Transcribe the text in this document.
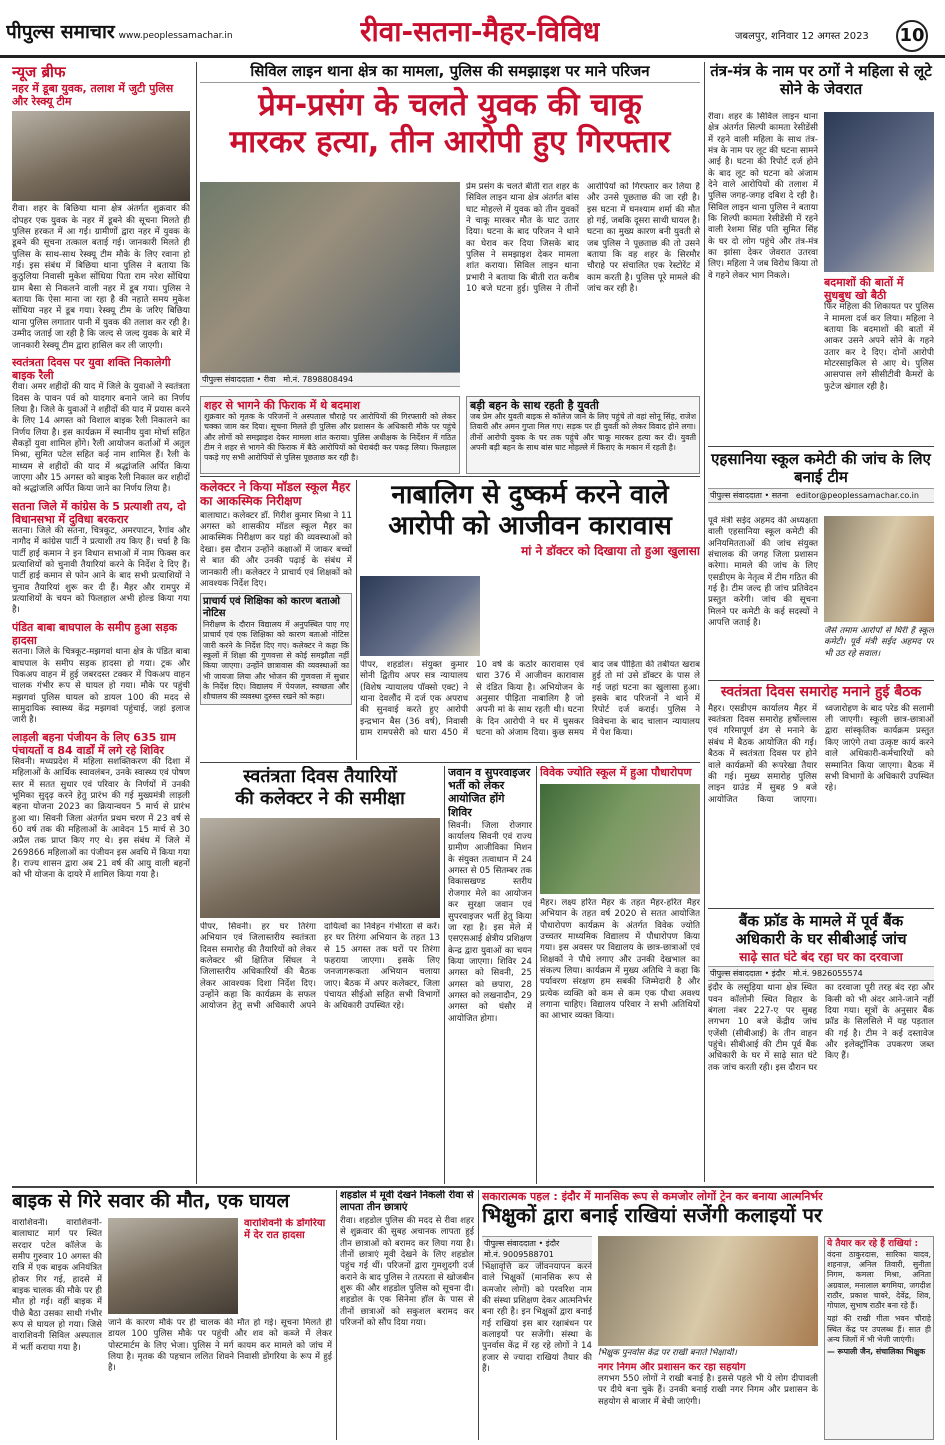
पीपुल्स समाचार www.peoplessamachar.in	रीवा-सतना-मैहर-विविध	जबलपुर, शनिवार 12 अगस्त 2023 10
न्यूज ब्रीफ
नहर में डूबा युवक, तलाश में जुटी पुलिस और रेस्क्यू टीम
रीवा। शहर के बिछिया थाना क्षेत्र अंतर्गत शुक्रवार की दोपहर एक युवक के नहर में डूबने की सूचना मिलते ही पुलिस हरकत में आ गई। ग्रामीणों द्वारा नहर में युवक के डूबने की सूचना तत्काल बताई गई। जानकारी मिलते ही पुलिस के साथ-साथ रेस्क्यू टीम मौके के लिए रवाना हो गई। इस संबंध में बिछिया थाना पुलिस ने बताया कि कुठुलिया निवासी मुकेश सोंधिया पिता राम नरेश सोंधिया ग्राम बैसा से निकलने वाली नहर में डूब गया। पुलिस ने बताया कि ऐसा माना जा रहा है की नहाते समय मुकेश सोंधिया नहर में डूब गया। रेस्क्यू टीम के जरिए बिछिया थाना पुलिस लगातार पानी में युवक की तलाश कर रही है। उम्मीद जताई जा रही है कि जल्द से जल्द युवक के बारे में जानकारी रेस्क्यू टीम द्वारा हासिल कर ली जाएगी।
स्वतंत्रता दिवस पर युवा शक्ति निकालेगी बाइक रैली
रीवा। अमर शहीदों की याद में जिले के युवाओं ने स्वतंत्रता दिवस के पावन पर्व को यादगार बनाने जाने का निर्णय लिया है। जिले के युवाओं ने शहीदों की याद में प्रयास करने के लिए 14 अगस्त को विशाल बाइक रैली निकालने का निर्णय लिया है। इस कार्यक्रम में स्थानीय युवा मोर्चा सहित सैकड़ों युवा शामिल होंगे। रैली आयोजन कर्ताओं में अतुल मिश्रा, सुमित पटेल सहित कई नाम शामिल हैं। रैली के माध्यम से शहीदों की याद में श्रद्धांजलि अर्पित किया जाएगा और 15 अगस्त को बाइक रैली निकाल कर शहीदों को श्रद्धांजलि अर्पित किया जाने का निर्णय लिया है।
सतना जिले में कांग्रेस के 5 प्रत्याशी तय, दो विधानसभा में दुविधा बरकरार
सतना। जिले की सतना, चित्रकूट, अमरपाटन, रैगांव और नागौद में कांग्रेस पार्टी ने प्रत्याशी तय किए हैं। चर्चा है कि पार्टी हाई कमान ने इन विधान सभाओं में नाम फिक्स कर प्रत्याशियों को चुनावी तैयारियां करने के निर्देश दे दिए हैं। पार्टी हाई कमान से फोन आने के बाद सभी प्रत्याशियों ने चुनाव तैयारियां शुरू कर दी हैं। मैहर और रामपुर में प्रत्याशियों के चयन को फिलहाल अभी होल्ड किया गया है।
पंडित बाबा बाघपाल के समीप हुआ सड़क हादसा
सतना। जिले के चित्रकूट-मझगवां थाना क्षेत्र के पंडित बाबा बाघपाल के समीप सड़क हादसा हो गया। ट्रक और पिकअप वाहन में हुई जबरदस्त टक्कर में पिकअप वाहन चालक गंभीर रूप से घायल हो गया। मौके पर पहुंची मझगवां पुलिस घायल को डायल 100 की मदद से सामुदायिक स्वास्थ्य केंद्र मझगवां पहुंचाई, जहां इलाज जारी है।
लाड़ली बहना पंजीयन के लिए 635 ग्राम पंचायतों व 84 वार्डों में लगे रहे शिविर
सिवनी। मध्यप्रदेश में महिला सशक्तिकरण की दिशा में महिलाओं के आर्थिक स्वावलंबन, उनके स्वास्थ्य एवं पोषण स्तर में सतत सुधार एवं परिवार के निर्णयों में उनकी भूमिका सुदृढ़ करने हेतु प्रारंभ की गई मुख्यमंत्री लाड़ली बहना योजना 2023 का क्रियान्वयन 5 मार्च से प्रारंभ हुआ था। सिवनी जिला अंतर्गत प्रथम चरण में 23 वर्ष से 60 वर्ष तक की महिलाओं के आवेदन 15 मार्च से 30 अप्रैल तक प्राप्त किए गए थे। इस संबंध में जिले में 269866 महिलाओं का पंजीयन इस अवधि में किया गया है। राज्य शासन द्वारा अब 21 वर्ष की आयु वाली बहनों को भी योजना के दायरे में शामिल किया गया है।
सिविल लाइन थाना क्षेत्र का मामला, पुलिस की समझाइश पर माने परिजन
प्रेम-प्रसंग के चलते युवक की चाकू
मारकर हत्या, तीन आरोपी हुए गिरफ्तार
पीपुल्स संवाददाता • रीवा मो.नं. 7898808494
प्रेम प्रसंग के चलते बीती रात शहर के सिविल लाइन थाना क्षेत्र अंतर्गत बांस घाट मोहल्ले में युवक को तीन युवकों ने चाकू मारकर मौत के घाट उतार दिया। घटना के बाद परिजन ने थाने का घेराव कर दिया जिसके बाद पुलिस ने समझाइश देकर मामला शांत कराया। सिविल लाइन थाना प्रभारी ने बताया कि बीती रात करीब 10 बजे घटना हुई। पुलिस ने तीनों आरोपियों को गिरफ्तार कर लिया है और उनसे पूछताछ की जा रही है। इस घटना में घनश्याम शर्मा की मौत हो गई, जबकि दूसरा साथी घायल है। घटना का मुख्य कारण बनी युवती से जब पुलिस ने पूछताछ की तो उसने बताया कि वह शहर के सिरमौर चौराहे पर संचालित एक रेस्टोरेंट में काम करती है। पुलिस पूरे मामले की जांच कर रही है।
शहर से भागने की फिराक में थे बदमाश
शुक्रवार को मृतक के परिजनों ने अस्पताल चौराहे पर आरोपियों की गिरफ्तारी को लेकर चक्का जाम कर दिया। सूचना मिलते ही पुलिस और प्रशासन के अधिकारी मौके पर पहुंचे और लोगों को समझाइश देकर मामला शांत कराया। पुलिस अधीक्षक के निर्देशन में गठित टीम ने शहर से भागने की फिराक में बैठे आरोपियों को घेराबंदी कर पकड़ लिया। फिलहाल पकड़े गए सभी आरोपियों से पुलिस पूछताछ कर रही है।
बड़ी बहन के साथ रहती है युवती
जब प्रेम और युवती बाइक से कॉलेज जाने के लिए पहुंचे तो वहां सोनू सिंह, राजेश तिवारी और अमन गुप्ता मिल गए। सड़क पर ही युवती को लेकर विवाद होने लगा। तीनों आरोपी युवक के घर तक पहुंचे और चाकू मारकर हत्या कर दी। युवती अपनी बड़ी बहन के साथ बांस घाट मोहल्ले में किराए के मकान में रहती है।
तंत्र-मंत्र के नाम पर ठगों ने महिला से लूटे सोने के जेवरात
रीवा। शहर के सिविल लाइन थाना क्षेत्र अंतर्गत सिल्पी कामता रेसीडेंसी में रहने वाली महिला के साथ तंत्र-मंत्र के नाम पर लूट की घटना सामने आई है। घटना की रिपोर्ट दर्ज होने के बाद लूट को घटना को अंजाम देने वाले आरोपियों की तलाश में पुलिस जगह-जगह दबिश दे रही है। सिविल लाइन थाना पुलिस ने बताया कि शिल्पी कामता रेसीडेंसी में रहने वाली रेशमा सिंह पति सुमित सिंह के घर दो लोग पहुंचे और तंत्र-मंत्र का झांसा देकर जेवरात उतरवा लिए। महिला ने जब विरोध किया तो वे गहने लेकर भाग निकले।
बदमाशों की बातों में सुधबुध खो बैठी
फिर महिला की शिकायत पर पुलिस ने मामला दर्ज कर लिया। महिला ने बताया कि बदमाशों की बातों में आकर उसने अपने सोने के गहने उतार कर दे दिए। दोनों आरोपी मोटरसाइकिल से आए थे। पुलिस आसपास लगे सीसीटीवी कैमरों के फुटेज खंगाल रही है।
एहसानिया स्कूल कमेटी की जांच के लिए बनाई टीम
पीपुल्स संवाददाता • सतना editor@peoplessamachar.co.in
पूर्व मंत्री सईद अहमद की अध्यक्षता वाली एहसानिया स्कूल कमेटी की अनियमितताओं की जांच संयुक्त संचालक की जगह जिला प्रशासन करेगा। मामले की जांच के लिए एसडीएम के नेतृत्व में टीम गठित की गई है। टीम जल्द ही जांच प्रतिवेदन प्रस्तुत करेगी। जांच की सूचना मिलने पर कमेटी के कई सदस्यों ने आपत्ति जताई है।
जैसे तमाम आरोपों से घिरी है स्कूल कमेटी। पूर्व मंत्री सईद अहमद पर भी उठ रहे सवाल।
स्वतंत्रता दिवस समारोह मनाने हुई बैठक
मैहर। एसडीएम कार्यालय मैहर में स्वतंत्रता दिवस समारोह हर्षोल्लास एवं गरिमापूर्ण ढंग से मनाने के संबंध में बैठक आयोजित की गई। बैठक में स्वतंत्रता दिवस पर होने वाले कार्यक्रमों की रूपरेखा तैयार की गई। मुख्य समारोह पुलिस लाइन ग्राउंड में सुबह 9 बजे आयोजित किया जाएगा। ध्वजारोहण के बाद परेड की सलामी ली जाएगी। स्कूली छात्र-छात्राओं द्वारा सांस्कृतिक कार्यक्रम प्रस्तुत किए जाएंगे तथा उत्कृष्ट कार्य करने वाले अधिकारी-कर्मचारियों को सम्मानित किया जाएगा। बैठक में सभी विभागों के अधिकारी उपस्थित रहे।
बैंक फ्रॉड के मामले में पूर्व बैंक
अधिकारी के घर सीबीआई जांच
साढ़े सात घंटे बंद रहा घर का दरवाजा
पीपुल्स संवाददाता • इंदौर मो.नं. 9826055574
इंदौर के लसूड़िया थाना क्षेत्र स्थित पवन कॉलोनी स्थित विहार के बंगला नंबर 227-ए पर सुबह लगभग 10 बजे केंद्रीय जांच एजेंसी (सीबीआई) के तीन वाहन पहुंचे। सीबीआई की टीम पूर्व बैंक अधिकारी के घर में साढ़े सात घंटे तक जांच करती रही। इस दौरान घर का दरवाजा पूरी तरह बंद रहा और किसी को भी अंदर आने-जाने नहीं दिया गया। सूत्रों के अनुसार बैंक फ्रॉड के सिलसिले में यह पड़ताल की गई है। टीम ने कई दस्तावेज और इलेक्ट्रॉनिक उपकरण जब्त किए हैं।
कलेक्टर ने किया मॉडल स्कूल मैहर का आकस्मिक निरीक्षण
बालाघाट। कलेक्टर डॉ. गिरीश कुमार मिश्रा ने 11 अगस्त को शासकीय मॉडल स्कूल मैहर का आकस्मिक निरीक्षण कर यहां की व्यवस्थाओं को देखा। इस दौरान उन्होंने कक्षाओं में जाकर बच्चों से बात की और उनकी पढ़ाई के संबंध में जानकारी ली। कलेक्टर ने प्राचार्य एवं शिक्षकों को आवश्यक निर्देश दिए।
प्राचार्य एवं शिक्षिका को कारण बताओ नोटिस
निरीक्षण के दौरान विद्यालय में अनुपस्थित पाए गए प्राचार्य एवं एक शिक्षिका को कारण बताओ नोटिस जारी करने के निर्देश दिए गए। कलेक्टर ने कहा कि स्कूलों में शिक्षा की गुणवत्ता से कोई समझौता नहीं किया जाएगा। उन्होंने छात्रावास की व्यवस्थाओं का भी जायजा लिया और भोजन की गुणवत्ता में सुधार के निर्देश दिए। विद्यालय में पेयजल, स्वच्छता और शौचालय की व्यवस्था दुरुस्त रखने को कहा।
नाबालिग से दुष्कर्म करने वाले
आरोपी को आजीवन कारावास
मां ने डॉक्टर को दिखाया तो हुआ खुलासा
पीपर, शहडोल। संयुक्त कुमार सोनी द्वितीय अपर सत्र न्यायालय (विशेष न्यायालय पॉक्सो एक्ट) ने थाना देवलौंद में दर्ज एक अपराध की सुनवाई करते हुए आरोपी इन्द्रभान बैस (36 वर्ष), निवासी ग्राम रामपसेरी को धारा 450 में 10 वर्ष के कठोर कारावास एवं धारा 376 में आजीवन कारावास से दंडित किया है। अभियोजन के अनुसार पीड़िता नाबालिग है जो अपनी मां के साथ रहती थी। घटना के दिन आरोपी ने घर में घुसकर घटना को अंजाम दिया। कुछ समय बाद जब पीड़िता की तबीयत खराब हुई तो मां उसे डॉक्टर के पास ले गई जहां घटना का खुलासा हुआ। इसके बाद परिजनों ने थाने में रिपोर्ट दर्ज कराई। पुलिस ने विवेचना के बाद चालान न्यायालय में पेश किया।
स्वतंत्रता दिवस तैयारियों
की कलेक्टर ने की समीक्षा
पीपर, सिवनी। हर घर तिरंगा अभियान एवं जिलास्तरीय स्वतंत्रता दिवस समारोह की तैयारियों को लेकर कलेक्टर श्री क्षितिज सिंघल ने जिलास्तरीय अधिकारियों की बैठक लेकर आवश्यक दिशा निर्देश दिए। उन्होंने कहा कि कार्यक्रम के सफल आयोजन हेतु सभी अधिकारी अपने दायित्वों का निर्वहन गंभीरता से करें। हर घर तिरंगा अभियान के तहत 13 से 15 अगस्त तक घरों पर तिरंगा फहराया जाएगा। इसके लिए जनजागरूकता अभियान चलाया जाए। बैठक में अपर कलेक्टर, जिला पंचायत सीईओ सहित सभी विभागों के अधिकारी उपस्थित रहे।
जवान व सुपरवाइजर भर्ती को लेकर आयोजित होंगे शिविर
सिवनी। जिला रोजगार कार्यालय सिवनी एवं राज्य ग्रामीण आजीविका मिशन के संयुक्त तत्वाधान में 24 अगस्त से 05 सितम्बर तक विकासखण्ड स्तरीय रोजगार मेले का आयोजन कर सुरक्षा जवान एवं सुपरवाइजर भर्ती हेतु किया जा रहा है। इस मेले में एसएसआई क्षेत्रीय प्रशिक्षण केन्द्र द्वारा युवाओं का चयन किया जाएगा। शिविर 24 अगस्त को सिवनी, 25 अगस्त को छपारा, 28 अगस्त को लखनादौन, 29 अगस्त को घंसौर में आयोजित होगा।
विवेक ज्योति स्कूल में हुआ पौधारोपण
मैहर। लक्ष्य हरित मैहर के तहत मैहर-हरित मैहर अभियान के तहत वर्ष 2020 से सतत आयोजित पौधारोपण कार्यक्रम के अंतर्गत विवेक ज्योति उच्चतर माध्यमिक विद्यालय में पौधारोपण किया गया। इस अवसर पर विद्यालय के छात्र-छात्राओं एवं शिक्षकों ने पौधे लगाए और उनकी देखभाल का संकल्प लिया। कार्यक्रम में मुख्य अतिथि ने कहा कि पर्यावरण संरक्षण हम सबकी जिम्मेदारी है और प्रत्येक व्यक्ति को कम से कम एक पौधा अवश्य लगाना चाहिए। विद्यालय परिवार ने सभी अतिथियों का आभार व्यक्त किया।
बाइक से गिरे सवार की मौत, एक घायल
वाराशिवनी। वाराशिवनी-बालाघाट मार्ग पर स्थित सरदार पटेल कॉलेज के समीप गुरुवार 10 अगस्त की रात्रि में एक बाइक अनियंत्रित होकर गिर गई, हादसे में बाइक चालक की मौके पर ही मौत हो गई। वहीं बाइक में पीछे बैठा उसका साथी गंभीर रूप से घायल हो गया। जिसे वाराशिवनी सिविल अस्पताल में भर्ती कराया गया है।
वाराशिवनी के डोंगरिया में देर रात हादसा
जाने के कारण मौके पर ही चालक की मौत हो गई। सूचना मिलते ही डायल 100 पुलिस मौके पर पहुंची और शव को कब्जे में लेकर पोस्टमार्टम के लिए भेजा। पुलिस ने मर्ग कायम कर मामले को जांच में लिया है। मृतक की पहचान ललित शिवने निवासी डोंगरिया के रूप में हुई है।
शहडोल में मूवी देखने निकली रीवा से लापता तीन छात्राएं
रीवा। शहडोल पुलिस की मदद से रीवा शहर से शुक्रवार की सुबह अचानक लापता हुई तीन छात्राओं को बरामद कर लिया गया है। तीनों छात्राएं मूवी देखने के लिए शहडोल पहुंच गई थीं। परिजनों द्वारा गुमशुदगी दर्ज कराने के बाद पुलिस ने तत्परता से खोजबीन शुरू की और शहडोल पुलिस को सूचना दी। शहडोल के एक सिनेमा हॉल के पास से तीनों छात्राओं को सकुशल बरामद कर परिजनों को सौंप दिया गया।
सकारात्मक पहल : इंदौर में मानसिक रूप से कमजोर लोगों ट्रेन कर बनाया आत्मनिर्भर
भिक्षुकों द्वारा बनाई राखियां सजेंगी कलाइयों पर
पीपुल्स संवाददाता • इंदौर
मो.नं. 9009588701
भिक्षावृत्ति कर जीवनयापन करने वाले भिक्षुकों (मानसिक रूप से कमजोर लोगों) को परवरिश नाम की संस्था प्रशिक्षण देकर आत्मनिर्भर बना रही है। इन भिक्षुकों द्वारा बनाई गई राखियां इस बार रक्षाबंधन पर कलाइयों पर सजेंगी। संस्था के पुनर्वास केंद्र में रह रहे लोगों ने 14 हजार से ज्यादा राखियां तैयार की हैं।
भिक्षुक पुनर्वास केंद्र पर राखी बनाते भिक्षार्थी।
नगर निगम और प्रशासन कर रहा सहयोग
लगभग 550 लोगों ने राखी बनाई है। इससे पहले भी ये लोग दीपावली पर दीये बना चुके हैं। उनकी बनाई राखी नगर निगम और प्रशासन के सहयोग से बाजार में बेची जाएंगी।
ये तैयार कर रहे हैं राखियां :
वंदना ठाकुरदास, सारिका यादव, शहनाज़, अनिल तिवारी, सुनीता निगम, कमला मिश्रा, अनिता अग्रवाल, मनालाल बगमिया, जगदीश राठौर, प्रकाश चावरे, देवेंद्र, शिव, गोपाल, सुभाष राठौर बना रहे हैं।
यहां की राखी गीता भवन चौराहे स्थित केंद्र पर उपलब्ध हैं। सात ही अन्य जिलों में भी भेजी जाएंगी।
— रूपाली जैन, संचालिका भिक्षुक
